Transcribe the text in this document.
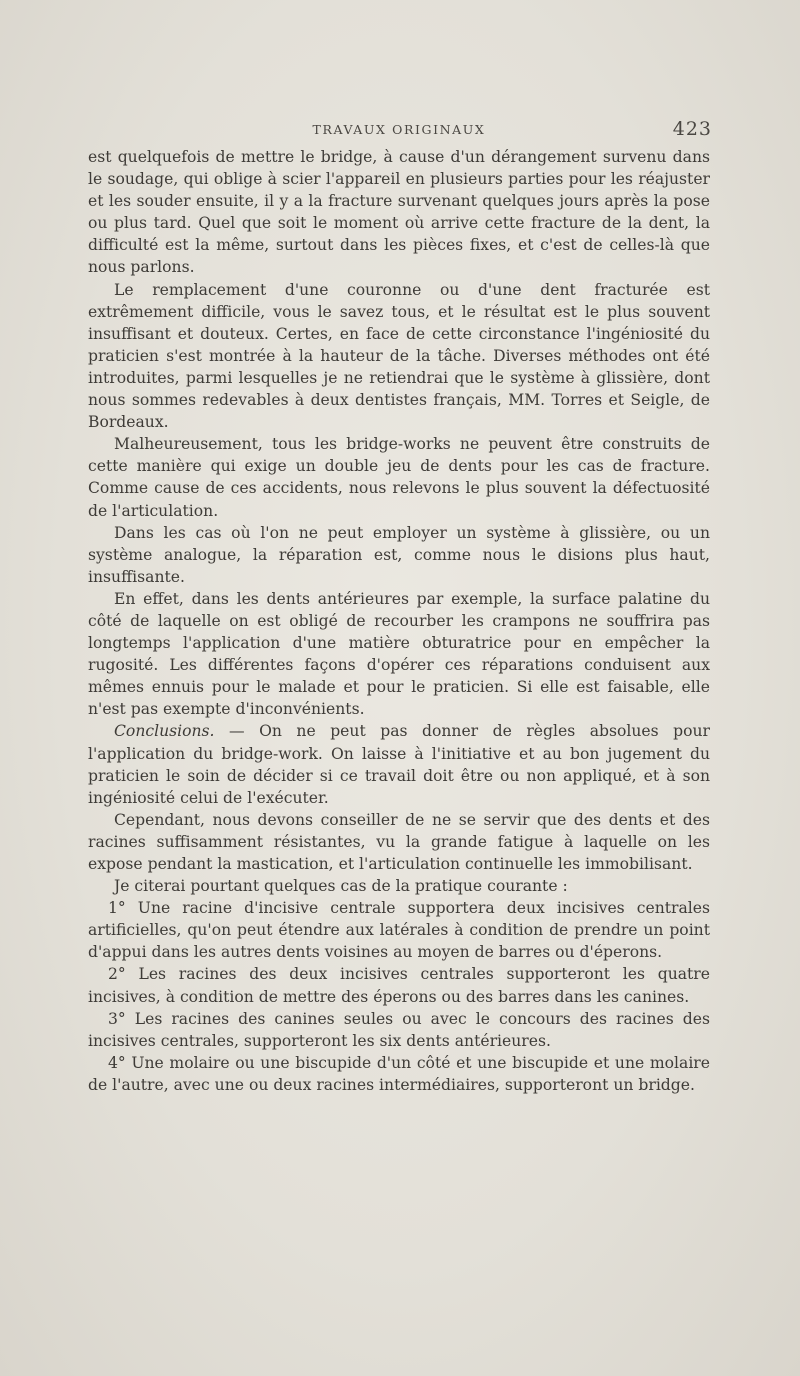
TRAVAUX ORIGINAUX	423

est quelquefois de mettre le bridge, à cause d'un dérangement survenu dans le soudage, qui oblige à scier l'appareil en plusieurs parties pour les réajuster et les souder ensuite, il y a la fracture survenant quelques jours après la pose ou plus tard. Quel que soit le moment où arrive cette fracture de la dent, la difficulté est la même, surtout dans les pièces fixes, et c'est de celles-là que nous parlons.

Le remplacement d'une couronne ou d'une dent fracturée est extrêmement difficile, vous le savez tous, et le résultat est le plus souvent insuffisant et douteux. Certes, en face de cette circonstance l'ingéniosité du praticien s'est montrée à la hauteur de la tâche. Diverses méthodes ont été introduites, parmi lesquelles je ne retiendrai que le système à glissière, dont nous sommes redevables à deux dentistes français, MM. Torres et Seigle, de Bordeaux.

Malheureusement, tous les bridge-works ne peuvent être construits de cette manière qui exige un double jeu de dents pour les cas de fracture. Comme cause de ces accidents, nous relevons le plus souvent la défectuosité de l'articulation.

Dans les cas où l'on ne peut employer un système à glissière, ou un système analogue, la réparation est, comme nous le disions plus haut, insuffisante.

En effet, dans les dents antérieures par exemple, la surface palatine du côté de laquelle on est obligé de recourber les crampons ne souffrira pas longtemps l'application d'une matière obturatrice pour en empêcher la rugosité. Les différentes façons d'opérer ces réparations conduisent aux mêmes ennuis pour le malade et pour le praticien. Si elle est faisable, elle n'est pas exempte d'inconvénients.

Conclusions. — On ne peut pas donner de règles absolues pour l'application du bridge-work. On laisse à l'initiative et au bon jugement du praticien le soin de décider si ce travail doit être ou non appliqué, et à son ingéniosité celui de l'exécuter.

Cependant, nous devons conseiller de ne se servir que des dents et des racines suffisamment résistantes, vu la grande fatigue à laquelle on les expose pendant la mastication, et l'articulation continuelle les immobilisant.

Je citerai pourtant quelques cas de la pratique courante :

1° Une racine d'incisive centrale supportera deux incisives centrales artificielles, qu'on peut étendre aux latérales à condition de prendre un point d'appui dans les autres dents voisines au moyen de barres ou d'éperons.

2° Les racines des deux incisives centrales supporteront les quatre incisives, à condition de mettre des éperons ou des barres dans les canines.

3° Les racines des canines seules ou avec le concours des racines des incisives centrales, supporteront les six dents antérieures.

4° Une molaire ou une biscupide d'un côté et une biscupide et une molaire de l'autre, avec une ou deux racines intermédiaires, supporteront un bridge.
